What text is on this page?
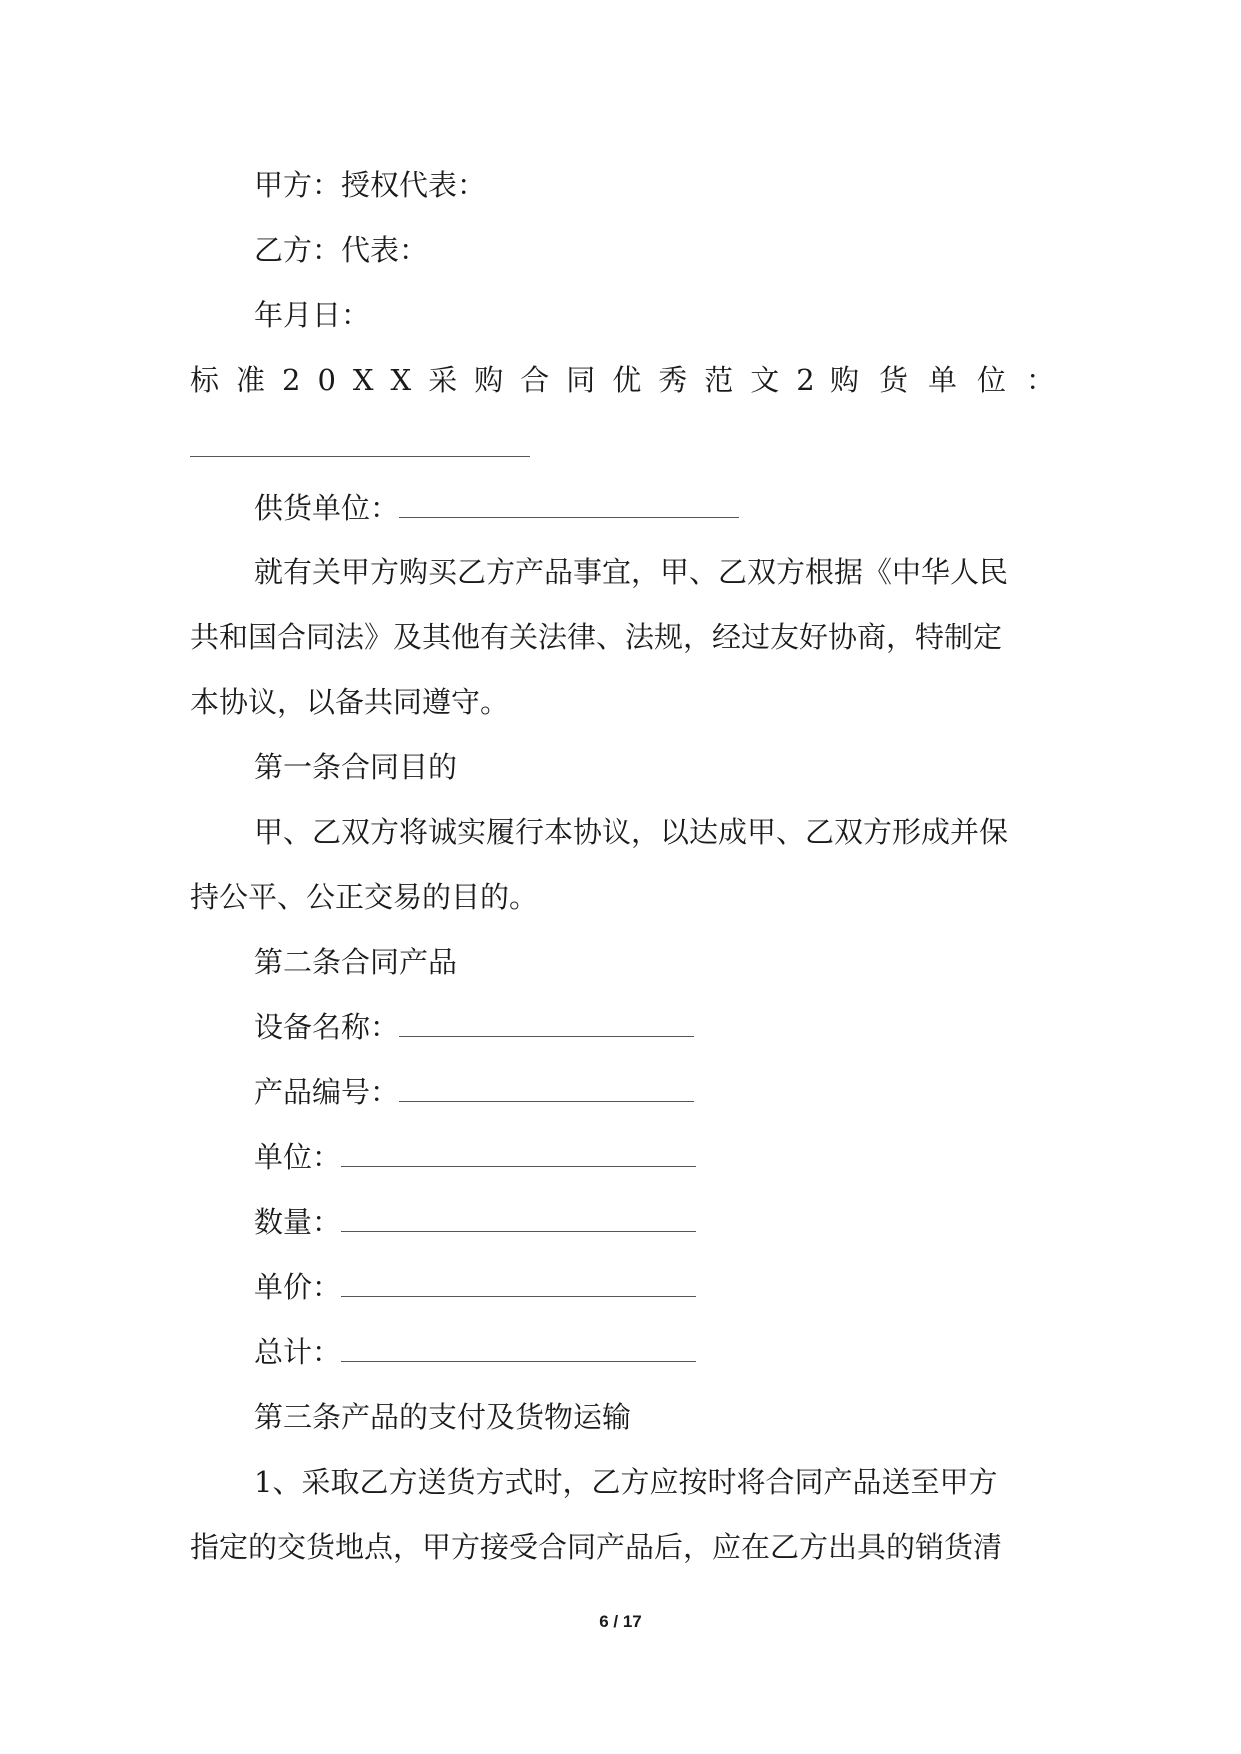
甲方：授权代表：
乙方：代表：
年月日：
标准20XX采购合同优秀范文2
购货单位：
供货单位：
就有关甲方购买乙方产品事宜，甲、乙双方根据《中华人民
共和国合同法》及其他有关法律、法规，经过友好协商，特制定
本协议，以备共同遵守。
第一条合同目的
甲、乙双方将诚实履行本协议，以达成甲、乙双方形成并保
持公平、公正交易的目的。
第二条合同产品
设备名称：
产品编号：
单位：
数量：
单价：
总计：
第三条产品的支付及货物运输
1、采取乙方送货方式时，乙方应按时将合同产品送至甲方
指定的交货地点，甲方接受合同产品后，应在乙方出具的销货清
6 / 17
